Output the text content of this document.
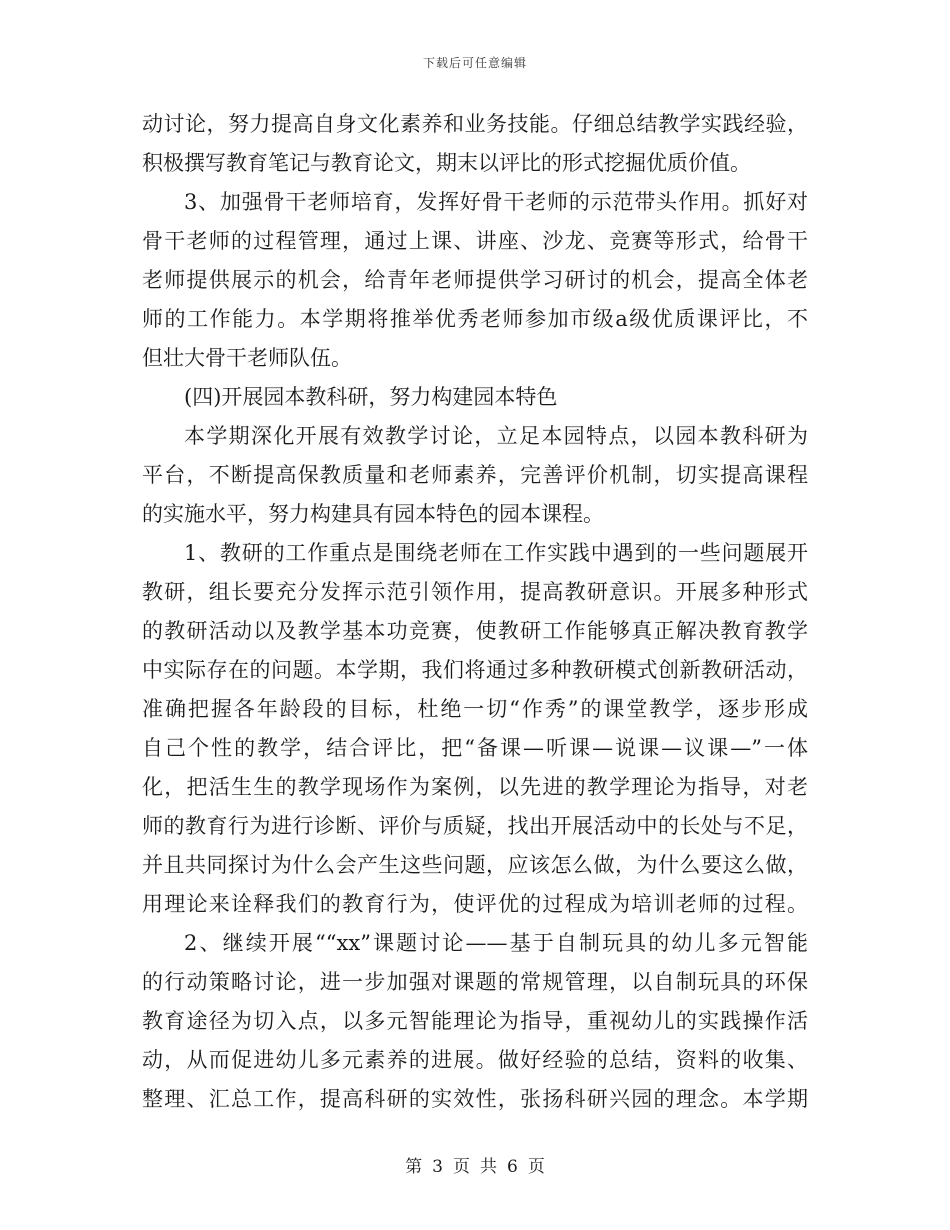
下载后可任意编辑
动讨论，努力提高自身文化素养和业务技能。仔细总结教学实践经验，
积极撰写教育笔记与教育论文，期末以评比的形式挖掘优质价值。
3、加强骨干老师培育，发挥好骨干老师的示范带头作用。抓好对
骨干老师的过程管理，通过上课、讲座、沙龙、竞赛等形式，给骨干
老师提供展示的机会，给青年老师提供学习研讨的机会，提高全体老
师的工作能力。本学期将推举优秀老师参加市级a级优质课评比，不
但壮大骨干老师队伍。
(四)开展园本教科研，努力构建园本特色
本学期深化开展有效教学讨论，立足本园特点，以园本教科研为
平台，不断提高保教质量和老师素养，完善评价机制，切实提高课程
的实施水平，努力构建具有园本特色的园本课程。
1、教研的工作重点是围绕老师在工作实践中遇到的一些问题展开
教研，组长要充分发挥示范引领作用，提高教研意识。开展多种形式
的教研活动以及教学基本功竞赛，使教研工作能够真正解决教育教学
中实际存在的问题。本学期，我们将通过多种教研模式创新教研活动，
准确把握各年龄段的目标，杜绝一切“作秀”的课堂教学，逐步形成
自己个性的教学，结合评比，把“备课—听课—说课—议课—”一体
化，把活生生的教学现场作为案例，以先进的教学理论为指导，对老
师的教育行为进行诊断、评价与质疑，找出开展活动中的长处与不足，
并且共同探讨为什么会产生这些问题，应该怎么做，为什么要这么做，
用理论来诠释我们的教育行为，使评优的过程成为培训老师的过程。
2、继续开展““xx”课题讨论——基于自制玩具的幼儿多元智能
的行动策略讨论，进一步加强对课题的常规管理，以自制玩具的环保
教育途径为切入点，以多元智能理论为指导，重视幼儿的实践操作活
动，从而促进幼儿多元素养的进展。做好经验的总结，资料的收集、
整理、汇总工作，提高科研的实效性，张扬科研兴园的理念。本学期
第 3 页 共 6 页
